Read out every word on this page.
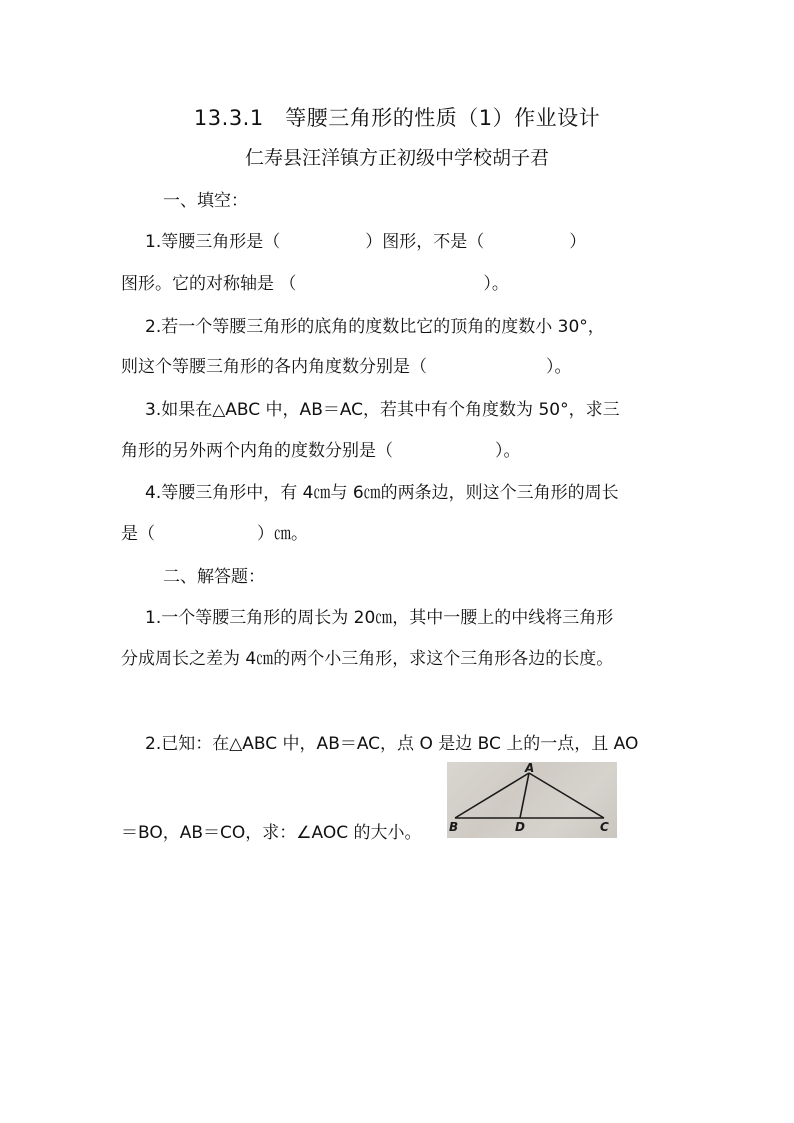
13.3.1　等腰三角形的性质（1）作业设计
仁寿县汪洋镇方正初级中学校胡子君
一、填空：
1.等腰三角形是（　　　　　）图形，不是（　　　　　）
图形。它的对称轴是 （　　　　　　　　　　　）。
2.若一个等腰三角形的底角的度数比它的顶角的度数小 30°，
则这个等腰三角形的各内角度数分别是（　　　　　　　）。
3.如果在△ABC 中，AB＝AC，若其中有个角度数为 50°，求三
角形的另外两个内角的度数分别是（　　　　　　）。
4.等腰三角形中，有 4㎝与 6㎝的两条边，则这个三角形的周长
是（　　　　　　）㎝。
二、解答题：
1.一个等腰三角形的周长为 20㎝，其中一腰上的中线将三角形
分成周长之差为 4㎝的两个小三角形，求这个三角形各边的长度。
2.已知：在△ABC 中，AB＝AC，点 O 是边 BC 上的一点，且 AO
＝BO，AB＝CO，求：∠AOC 的大小。
A
B	D	C
